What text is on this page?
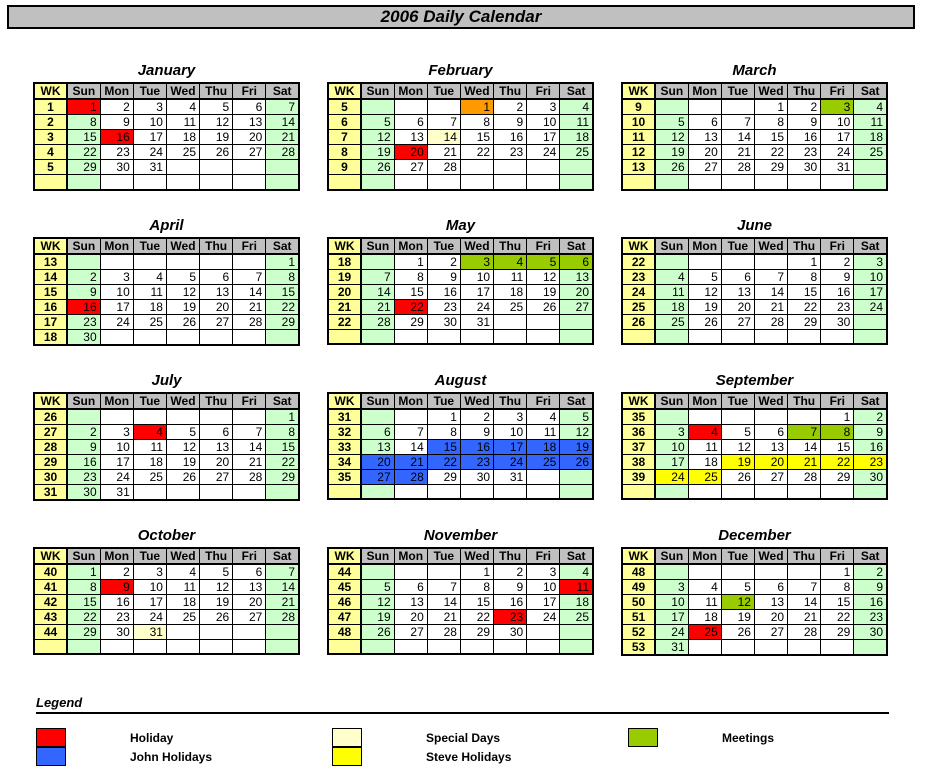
2006 Daily Calendar
January
WK	Sun	Mon	Tue	Wed	Thu	Fri	Sat
1	1	2	3	4	5	6	7
2	8	9	10	11	12	13	14
3	15	16	17	18	19	20	21
4	22	23	24	25	26	27	28
5	29	30	31				

February
WK	Sun	Mon	Tue	Wed	Thu	Fri	Sat
5				1	2	3	4
6	5	6	7	8	9	10	11
7	12	13	14	15	16	17	18
8	19	20	21	22	23	24	25
9	26	27	28				

March
WK	Sun	Mon	Tue	Wed	Thu	Fri	Sat
9				1	2	3	4
10	5	6	7	8	9	10	11
11	12	13	14	15	16	17	18
12	19	20	21	22	23	24	25
13	26	27	28	29	30	31	

April
WK	Sun	Mon	Tue	Wed	Thu	Fri	Sat
13							1
14	2	3	4	5	6	7	8
15	9	10	11	12	13	14	15
16	16	17	18	19	20	21	22
17	23	24	25	26	27	28	29
18	30						
May
WK	Sun	Mon	Tue	Wed	Thu	Fri	Sat
18		1	2	3	4	5	6
19	7	8	9	10	11	12	13
20	14	15	16	17	18	19	20
21	21	22	23	24	25	26	27
22	28	29	30	31			

June
WK	Sun	Mon	Tue	Wed	Thu	Fri	Sat
22					1	2	3
23	4	5	6	7	8	9	10
24	11	12	13	14	15	16	17
25	18	19	20	21	22	23	24
26	25	26	27	28	29	30	

July
WK	Sun	Mon	Tue	Wed	Thu	Fri	Sat
26							1
27	2	3	4	5	6	7	8
28	9	10	11	12	13	14	15
29	16	17	18	19	20	21	22
30	23	24	25	26	27	28	29
31	30	31					
August
WK	Sun	Mon	Tue	Wed	Thu	Fri	Sat
31			1	2	3	4	5
32	6	7	8	9	10	11	12
33	13	14	15	16	17	18	19
34	20	21	22	23	24	25	26
35	27	28	29	30	31		

September
WK	Sun	Mon	Tue	Wed	Thu	Fri	Sat
35						1	2
36	3	4	5	6	7	8	9
37	10	11	12	13	14	15	16
38	17	18	19	20	21	22	23
39	24	25	26	27	28	29	30

October
WK	Sun	Mon	Tue	Wed	Thu	Fri	Sat
40	1	2	3	4	5	6	7
41	8	9	10	11	12	13	14
42	15	16	17	18	19	20	21
43	22	23	24	25	26	27	28
44	29	30	31				

November
WK	Sun	Mon	Tue	Wed	Thu	Fri	Sat
44				1	2	3	4
45	5	6	7	8	9	10	11
46	12	13	14	15	16	17	18
47	19	20	21	22	23	24	25
48	26	27	28	29	30		

December
WK	Sun	Mon	Tue	Wed	Thu	Fri	Sat
48						1	2
49	3	4	5	6	7	8	9
50	10	11	12	13	14	15	16
51	17	18	19	20	21	22	23
52	24	25	26	27	28	29	30
53	31						
Legend
Holiday
John Holidays
Special Days
Steve Holidays
Meetings
